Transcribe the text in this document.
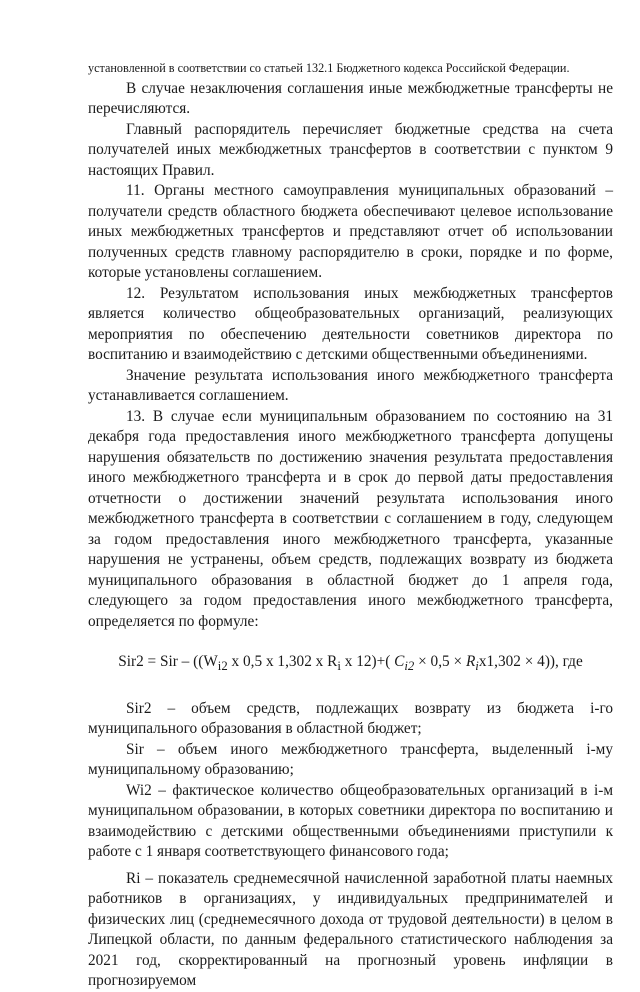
установленной в соответствии со статьей 132.1 Бюджетного кодекса Российской Федерации.

В случае незаключения соглашения иные межбюджетные трансферты не перечисляются.

Главный распорядитель перечисляет бюджетные средства на счета получателей иных межбюджетных трансфертов в соответствии с пунктом 9 настоящих Правил.

11. Органы местного самоуправления муниципальных образований – получатели средств областного бюджета обеспечивают целевое использование иных межбюджетных трансфертов и представляют отчет об использовании полученных средств главному распорядителю в сроки, порядке и по форме, которые установлены соглашением.

12. Результатом использования иных межбюджетных трансфертов является количество общеобразовательных организаций, реализующих мероприятия по обеспечению деятельности советников директора по воспитанию и взаимодействию с детскими общественными объединениями.

Значение результата использования иного межбюджетного трансферта устанавливается соглашением.

13. В случае если муниципальным образованием по состоянию на 31 декабря года предоставления иного межбюджетного трансферта допущены нарушения обязательств по достижению значения результата предоставления иного межбюджетного трансферта и в срок до первой даты предоставления отчетности о достижении значений результата использования иного межбюджетного трансферта в соответствии с соглашением в году, следующем за годом предоставления иного межбюджетного трансферта, указанные нарушения не устранены, объем средств, подлежащих возврату из бюджета муниципального образования в областной бюджет до 1 апреля года, следующего за годом предоставления иного межбюджетного трансферта, определяется по формуле:

Sir2 = Sir – (($W_{i2}$ x 0,5 x 1,302 x $R_i$ x 12)+( $C_{i2} \times 0,5 \times R_ix1,302 \times 4$)), где

Sir2 – объем средств, подлежащих возврату из бюджета i-го муниципального образования в областной бюджет;

Sir – объем иного межбюджетного трансферта, выделенный i-му муниципальному образованию;

Wi2 – фактическое количество общеобразовательных организаций в i-м муниципальном образовании, в которых советники директора по воспитанию и взаимодействию с детскими общественными объединениями приступили к работе с 1 января соответствующего финансового года;

Ri – показатель среднемесячной начисленной заработной платы наемных работников в организациях, у индивидуальных предпринимателей и физических лиц (среднемесячного дохода от трудовой деятельности) в целом в Липецкой области, по данным федерального статистического наблюдения за 2021 год, скорректированный на прогнозный уровень инфляции в прогнозируемом
